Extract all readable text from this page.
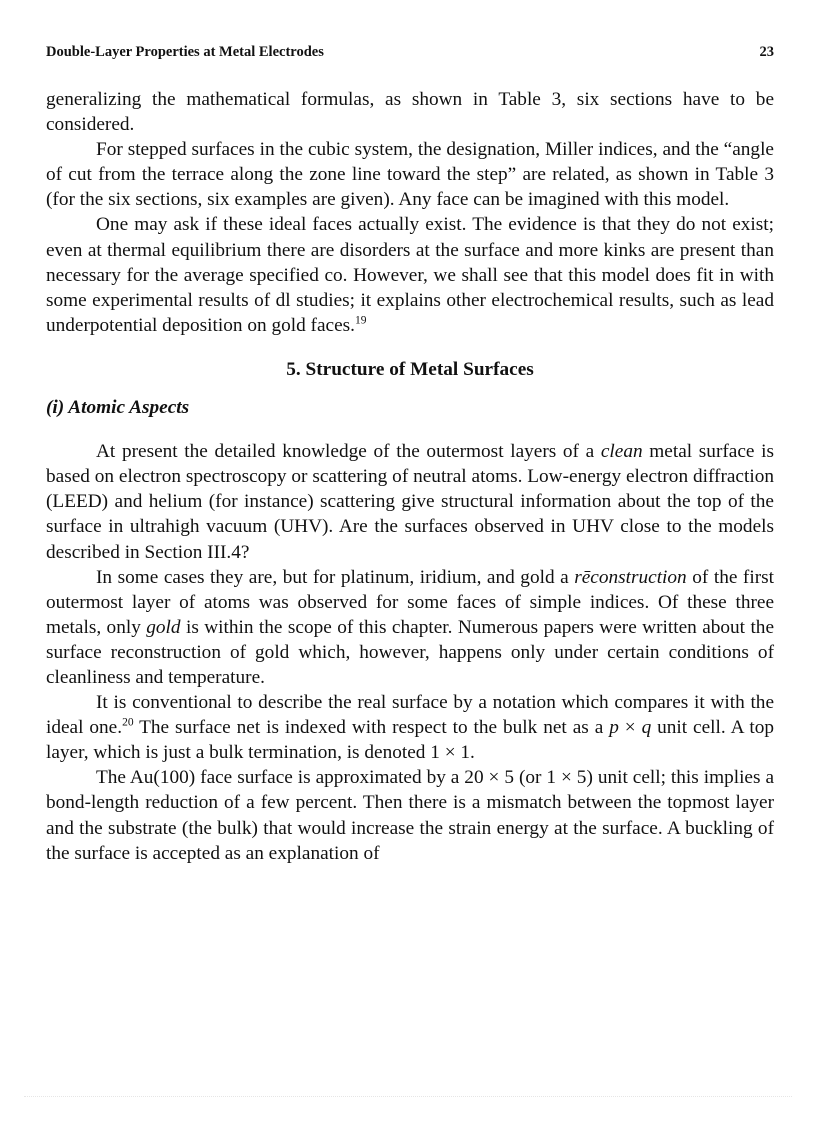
Double-Layer Properties at Metal Electrodes	23

generalizing the mathematical formulas, as shown in Table 3, six sections have to be considered.

For stepped surfaces in the cubic system, the designation, Miller indices, and the “angle of cut from the terrace along the zone line toward the step” are related, as shown in Table 3 (for the six sections, six examples are given). Any face can be imagined with this model.

One may ask if these ideal faces actually exist. The evidence is that they do not exist; even at thermal equilibrium there are disorders at the surface and more kinks are present than necessary for the average specified co. However, we shall see that this model does fit in with some experimental results of dl studies; it explains other electrochemical results, such as lead underpotential deposition on gold faces.$^{19}$

5. Structure of Metal Surfaces
(i) Atomic Aspects

At present the detailed knowledge of the outermost layers of a clean metal surface is based on electron spectroscopy or scattering of neutral atoms. Low-energy electron diffraction (LEED) and helium (for instance) scattering give structural information about the top of the surface in ultrahigh vacuum (UHV). Are the surfaces observed in UHV close to the models described in Section III.4?

In some cases they are, but for platinum, iridium, and gold a rēconstruction of the first outermost layer of atoms was observed for some faces of simple indices. Of these three metals, only gold is within the scope of this chapter. Numerous papers were written about the surface reconstruction of gold which, however, happens only under certain conditions of cleanliness and temperature.

It is conventional to describe the real surface by a notation which compares it with the ideal one.$^{20}$ The surface net is indexed with respect to the bulk net as a p × q unit cell. A top layer, which is just a bulk termination, is denoted 1 × 1.

The Au(100) face surface is approximated by a 20 × 5 (or 1 × 5) unit cell; this implies a bond-length reduction of a few percent. Then there is a mismatch between the topmost layer and the substrate (the bulk) that would increase the strain energy at the surface. A buckling of the surface is accepted as an explanation of
